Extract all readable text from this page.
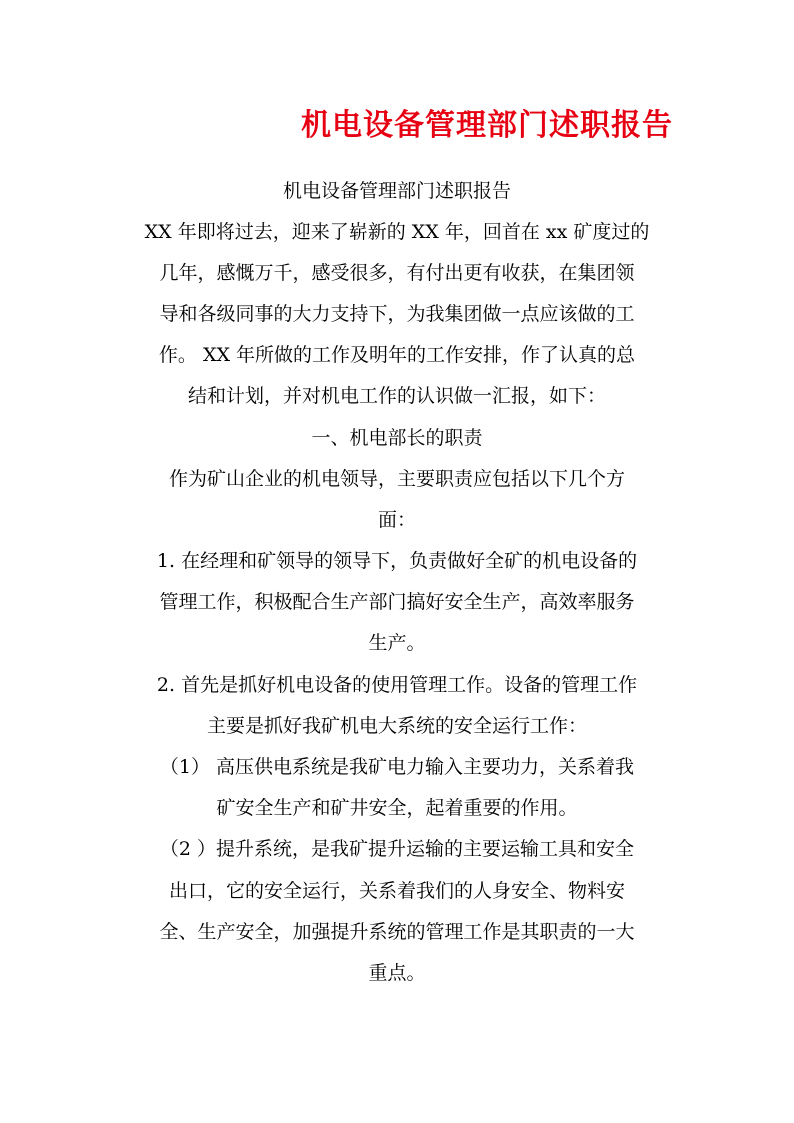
机电设备管理部门述职报告
机电设备管理部门述职报告
XX 年即将过去，迎来了崭新的 XX 年，回首在 xx 矿度过的
几年，感慨万千，感受很多，有付出更有收获，在集团领
导和各级同事的大力支持下，为我集团做一点应该做的工
作。 XX 年所做的工作及明年的工作安排，作了认真的总
结和计划，并对机电工作的认识做一汇报，如下：
一、机电部长的职责
作为矿山企业的机电领导，主要职责应包括以下几个方
面：
1. 在经理和矿领导的领导下，负责做好全矿的机电设备的
管理工作，积极配合生产部门搞好安全生产，高效率服务
生产。
2. 首先是抓好机电设备的使用管理工作。设备的管理工作
主要是抓好我矿机电大系统的安全运行工作：
（1） 高压供电系统是我矿电力输入主要功力，关系着我
矿安全生产和矿井安全，起着重要的作用。
（2 ）提升系统，是我矿提升运输的主要运输工具和安全
出口，它的安全运行，关系着我们的人身安全、物料安
全、生产安全，加强提升系统的管理工作是其职责的一大
重点。
